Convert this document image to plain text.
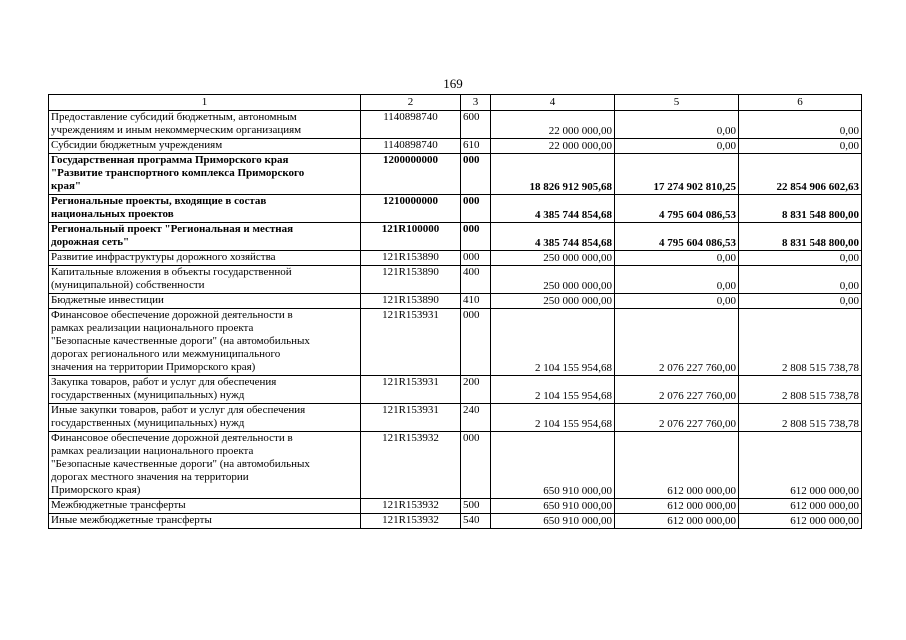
169
1	2	3	4	5	6

Предоставление субсидий бюджетным, автономным
учреждениям и иным некоммерческим организациям	1140898740	600	22 000 000,00	0,00	0,00

Субсидии бюджетным учреждениям	1140898740	610	22 000 000,00	0,00	0,00

Государственная программа Приморского края
"Развитие транспортного комплекса Приморского
края"	1200000000	000	18 826 912 905,68	17 274 902 810,25	22 854 906 602,63

Региональные проекты, входящие в состав
национальных проектов	1210000000	000	4 385 744 854,68	4 795 604 086,53	8 831 548 800,00

Региональный проект "Региональная и местная
дорожная сеть"	121R100000	000	4 385 744 854,68	4 795 604 086,53	8 831 548 800,00

Развитие инфраструктуры дорожного хозяйства	121R153890	000	250 000 000,00	0,00	0,00

Капитальные вложения в объекты государственной
(муниципальной) собственности	121R153890	400	250 000 000,00	0,00	0,00

Бюджетные инвестиции	121R153890	410	250 000 000,00	0,00	0,00

Финансовое обеспечение дорожной деятельности в
рамках реализации национального проекта
"Безопасные качественные дороги" (на автомобильных
дорогах регионального или межмуниципального
значения на территории Приморского края)	121R153931	000	2 104 155 954,68	2 076 227 760,00	2 808 515 738,78

Закупка товаров, работ и услуг для обеспечения
государственных (муниципальных) нужд	121R153931	200	2 104 155 954,68	2 076 227 760,00	2 808 515 738,78

Иные закупки товаров, работ и услуг для обеспечения
государственных (муниципальных) нужд	121R153931	240	2 104 155 954,68	2 076 227 760,00	2 808 515 738,78

Финансовое обеспечение дорожной деятельности в
рамках реализации национального проекта
"Безопасные качественные дороги" (на автомобильных
дорогах местного значения на территории
Приморского края)	121R153932	000	650 910 000,00	612 000 000,00	612 000 000,00

Межбюджетные трансферты	121R153932	500	650 910 000,00	612 000 000,00	612 000 000,00

Иные межбюджетные трансферты	121R153932	540	650 910 000,00	612 000 000,00	612 000 000,00
